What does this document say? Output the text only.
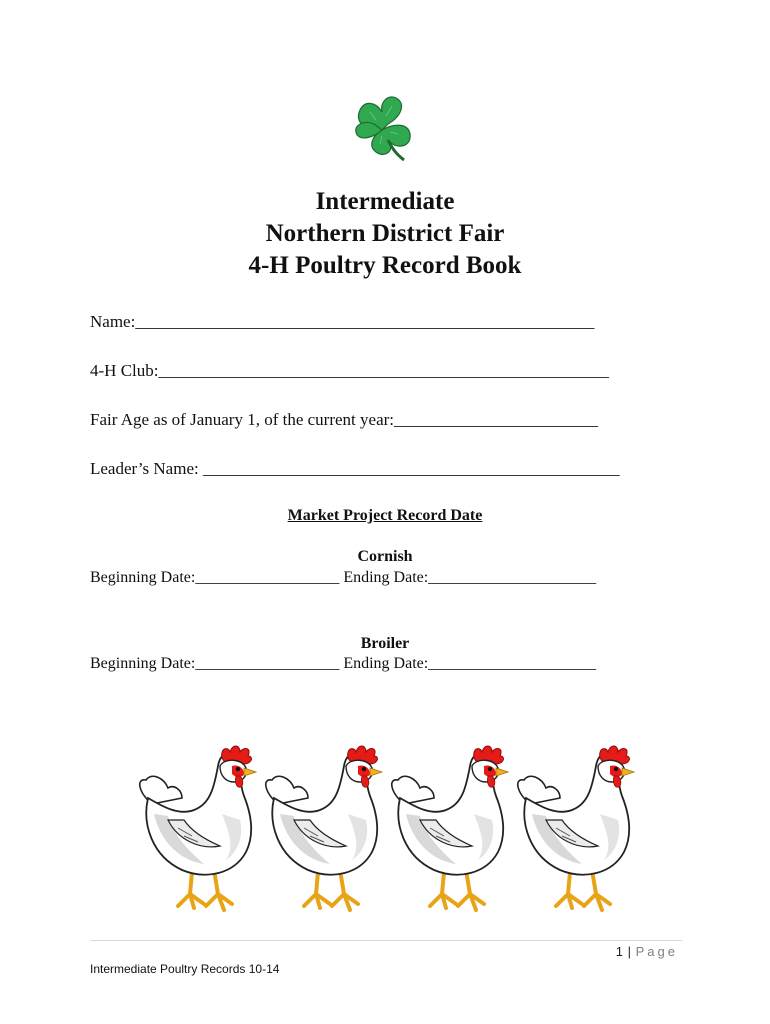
Intermediate
Northern District Fair
4-H Poultry Record Book
Name:______________________________________________________
4-H Club:_____________________________________________________
Fair Age as of January 1, of the current year:________________________
Leader’s Name: _________________________________________________
Market Project Record Date
Cornish
Beginning Date:__________________ Ending Date:_____________________
Broiler
Beginning Date:__________________ Ending Date:_____________________
1 | Page
Intermediate Poultry Records 10-14
